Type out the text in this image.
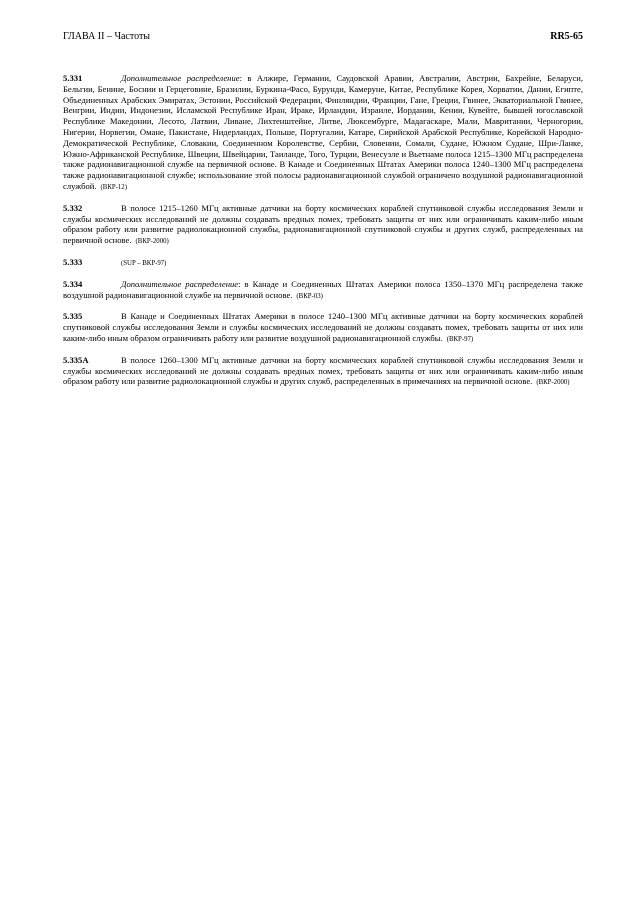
ГЛАВА II – Частоты	RR5-65

5.331	Дополнительное распределение: в Алжире, Германии, Саудовской Аравии, Австралии, Австрии, Бахрейне, Беларуси, Бельгии, Бенине, Боснии и Герцеговине, Бразилии, Буркина-Фасо, Бурунди, Камеруне, Китае, Республике Корея, Хорватии, Дании, Египте, Объединенных Арабских Эмиратах, Эстонии, Российской Федерации, Финляндии, Франции, Гане, Греции, Гвинее, Экваториальной Гвинее, Венгрии, Индии, Индонезии, Исламской Республике Иран, Ираке, Ирландии, Израиле, Иордании, Кении, Кувейте, бывшей югославской Республике Македонии, Лесото, Латвии, Ливане, Лихтенштейне, Литве, Люксембурге, Мадагаскаре, Мали, Мавритании, Черногории, Нигерии, Норвегии, Омане, Пакистане, Нидерландах, Польше, Португалии, Катаре, Сирийской Арабской Республике, Корейской Народно-Демократической Республике, Словакии, Соединенном Королевстве, Сербии, Словении, Сомали, Судане, Южном Судане, Шри-Ланке, Южно-Африканской Республике, Швеции, Швейцарии, Таиланде, Того, Турции, Венесуэле и Вьетнаме полоса 1215–1300 МГц распределена также радионавигационной службе на первичной основе. В Канаде и Соединенных Штатах Америки полоса 1240–1300 МГц распределена также радионавигационной службе; использование этой полосы радионавигационной службой ограничено воздушной радионавигационной службой. (ВКР-12)

5.332	В полосе 1215–1260 МГц активные датчики на борту космических кораблей спутниковой службы исследования Земли и службы космических исследований не должны создавать вредных помех, требовать защиты от них или ограничивать каким-либо иным образом работу или развитие радиолокационной службы, радионавигационной спутниковой службы и других служб, распределенных на первичной основе. (ВКР-2000)

5.333	(SUP – ВКР-97)

5.334	Дополнительное распределение: в Канаде и Соединенных Штатах Америки полоса 1350–1370 МГц распределена также воздушной радионавигационной службе на первичной основе. (ВКР-03)

5.335	В Канаде и Соединенных Штатах Америки в полосе 1240–1300 МГц активные датчики на борту космических кораблей спутниковой службы исследования Земли и службы космических исследований не должны создавать помех, требовать защиты от них или каким-либо иным образом ограничивать работу или развитие воздушной радионавигационной службы. (ВКР-97)

5.335A	В полосе 1260–1300 МГц активные датчики на борту космических кораблей спутниковой службы исследования Земли и службы космических исследований не должны создавать вредных помех, требовать защиты от них или ограничивать каким-либо иным образом работу или развитие радиолокационной службы и других служб, распределенных в примечаниях на первичной основе. (ВКР-2000)
